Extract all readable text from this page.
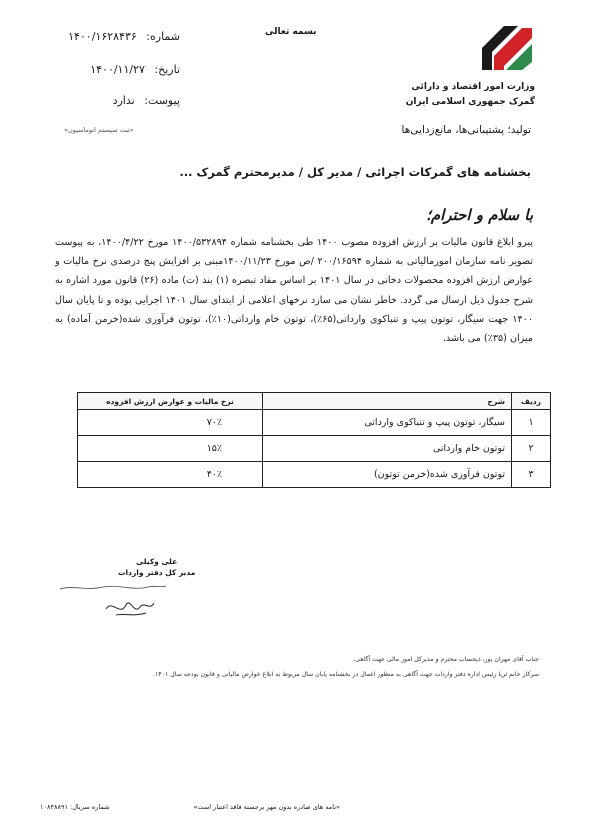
وزارت امور اقتصاد و دارائی
گمرک جمهوری اسلامی ایران
بسمه تعالی
شماره: ۱۴۰۰/۱۶۲۸۴۳۶
تاریخ: ۱۴۰۰/۱۱/۲۷
پیوست: ندارد
«ثبت سیستم اتوماسیون»	تولید؛ پشتیبانی‌ها، مانع‌زدایی‌ها
بخشنامه های گمرکات اجرائی / مدیر کل / مدیرمحترم گمرک ...
با سلام و احترام؛
پیرو ابلاغ قانون مالیات بر ارزش افزوده مصوب ۱۴۰۰ طی بخشنامه شماره ۱۴۰۰/۵۳۲۸۹۴ مورخ ۱۴۰۰/۴/۲۲، به پیوست تصویر نامه سازمان امورمالیاتی به شماره ۲۰۰/۱۶۵۹۴ /ص مورخ ۱۴۰۰/۱۱/۲۳مبنی بر افزایش پنج درصدی نرخ مالیات و عوارض ارزش افزوده محصولات دخانی در سال ۱۴۰۱ بر اساس مفاد تبصره (۱) بند (ت) ماده (۲۶) قانون مورد اشاره به شرح جدول ذیل ارسال می گردد. خاطر نشان می سازد نرخهای اعلامی از ابتدای سال ۱۴۰۱ اجرایی بوده و تا پایان سال ۱۴۰۰ جهت سیگار، توتون پیپ و تنباکوی وارداتی(۶۵٪)، توتون خام وارداتی(۱۰٪)، توتون فرآوری شده(خرمن آماده) به میزان (۳۵٪) می باشد.
ردیف	شرح	نرخ مالیات و عوارض ارزش افزوده
۱	سیگار، توتون پیپ و تنباکوی وارداتی	۷۰٪
۲	توتون خام وارداتی	۱۵٪
۳	توتون فرآوری شده(خرمن توتون)	۴۰٪
علی وکیلی
مدیر کل دفتر واردات
جناب آقای مهران پور، ذیحساب محترم و مدیرکل امور مالی جهت آگاهی.
سرکار خانم ثریا رئیس اداره دفتر واردات جهت آگاهی به منظور اعمال در بخشنامه پایان سال مربوط به ابلاغ عوارض مالیاتی و قانون بودجه سال ۱۴۰۱.
«نامه های صادره بدون مهر برجسته فاقد اعتبار است»
شماره سریال: ۱۰۸۴۸۸۹۱
